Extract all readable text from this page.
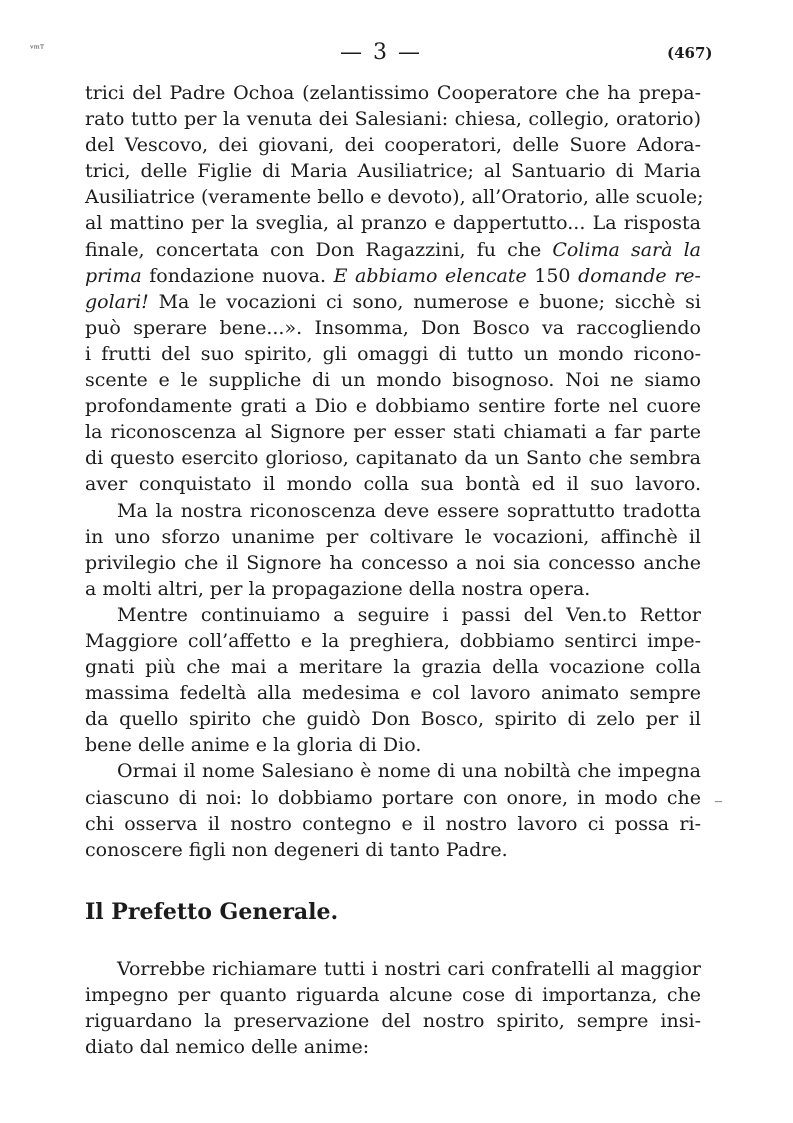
ᵛᵐᵀ	— 3 —	(467)
trici del Padre Ochoa (zelantissimo Cooperatore che ha prepa-
rato tutto per la venuta dei Salesiani: chiesa, collegio, oratorio)
del Vescovo, dei giovani, dei cooperatori, delle Suore Adora-
trici, delle Figlie di Maria Ausiliatrice; al Santuario di Maria
Ausiliatrice (veramente bello e devoto), all’Oratorio, alle scuole;
al mattino per la sveglia, al pranzo e dappertutto... La risposta
finale, concertata con Don Ragazzini, fu che Colima sarà la
prima fondazione nuova. E abbiamo elencate 150 domande re-
golari! Ma le vocazioni ci sono, numerose e buone; sicchè si
può sperare bene...». Insomma, Don Bosco va raccogliendo
i frutti del suo spirito, gli omaggi di tutto un mondo ricono-
scente e le suppliche di un mondo bisognoso. Noi ne siamo
profondamente grati a Dio e dobbiamo sentire forte nel cuore
la riconoscenza al Signore per esser stati chiamati a far parte
di questo esercito glorioso, capitanato da un Santo che sembra
aver conquistato il mondo colla sua bontà ed il suo lavoro.
Ma la nostra riconoscenza deve essere soprattutto tradotta
in uno sforzo unanime per coltivare le vocazioni, affinchè il
privilegio che il Signore ha concesso a noi sia concesso anche
a molti altri, per la propagazione della nostra opera.
Mentre continuiamo a seguire i passi del Ven.to Rettor
Maggiore coll’affetto e la preghiera, dobbiamo sentirci impe-
gnati più che mai a meritare la grazia della vocazione colla
massima fedeltà alla medesima e col lavoro animato sempre
da quello spirito che guidò Don Bosco, spirito di zelo per il
bene delle anime e la gloria di Dio.
Ormai il nome Salesiano è nome di una nobiltà che impegna
ciascuno di noi: lo dobbiamo portare con onore, in modo che
chi osserva il nostro contegno e il nostro lavoro ci possa ri-
conoscere figli non degeneri di tanto Padre.
_
Il Prefetto Generale.
Vorrebbe richiamare tutti i nostri cari confratelli al maggior
impegno per quanto riguarda alcune cose di importanza, che
riguardano la preservazione del nostro spirito, sempre insi-
diato dal nemico delle anime:
